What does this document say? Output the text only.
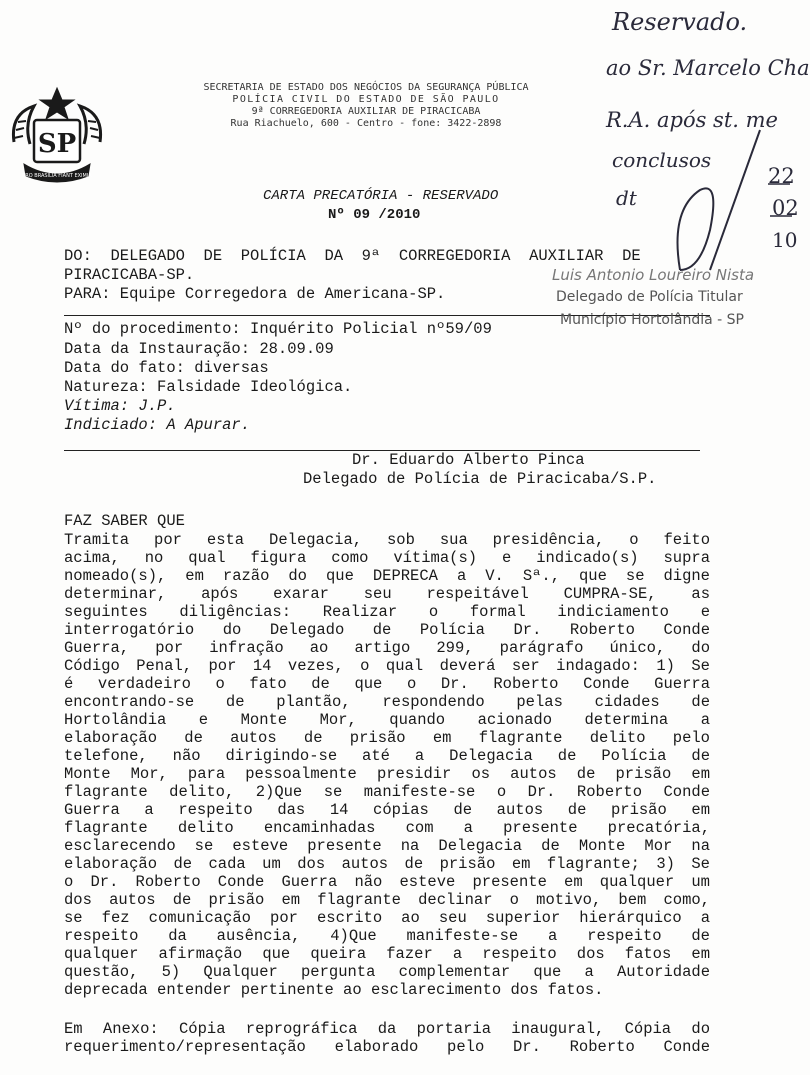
SP
PRO BRASILIA FIANT EXIMIA
SECRETARIA DE ESTADO DOS NEGÓCIOS DA SEGURANÇA PÚBLICA
POLÍCIA CIVIL DO ESTADO DE SÃO PAULO
9ª CORREGEDORIA AUXILIAR DE PIRACICABA
Rua Riachuelo, 600 - Centro - fone: 3422-2898
CARTA PRECATÓRIA - RESERVADO
Nº 09 /2010
DO:  DELEGADO  DE  POLÍCIA  DA  9ª  CORREGEDORIA  AUXILIAR  DE
PIRACICABA-SP.
PARA: Equipe Corregedora de Americana-SP.
Nº do procedimento: Inquérito Policial nº59/09
Data da Instauração: 28.09.09
Data do fato: diversas
Natureza: Falsidade Ideológica.
Vítima: J.P.
Indiciado: A Apurar.
Dr. Eduardo Alberto Pinca
Delegado de Polícia de Piracicaba/S.P.
FAZ SABER QUE
Tramita por esta Delegacia, sob sua presidência, o feito
acima, no qual figura como vítima(s) e indicado(s) supra
nomeado(s), em razão do que DEPRECA a V. Sª., que se digne
determinar, após exarar seu respeitável CUMPRA-SE, as
seguintes diligências: Realizar o formal indiciamento e
interrogatório do Delegado de Polícia Dr. Roberto Conde
Guerra, por infração ao artigo 299, parágrafo único, do
Código Penal, por 14 vezes, o qual deverá ser indagado: 1) Se
é verdadeiro o fato de que o Dr. Roberto Conde Guerra
encontrando-se de plantão, respondendo pelas cidades de
Hortolândia e Monte Mor, quando acionado determina a
elaboração de autos de prisão em flagrante delito pelo
telefone, não dirigindo-se até a Delegacia de Polícia de
Monte Mor, para pessoalmente presidir os autos de prisão em
flagrante delito, 2)Que se manifeste-se o Dr. Roberto Conde
Guerra a respeito das 14 cópias de autos de prisão em
flagrante delito encaminhadas com a presente precatória,
esclarecendo se esteve presente na Delegacia de Monte Mor na
elaboração de cada um dos autos de prisão em flagrante; 3) Se
o Dr. Roberto Conde Guerra não esteve presente em qualquer um
dos autos de prisão em flagrante declinar o motivo, bem como,
se fez comunicação por escrito ao seu superior hierárquico a
respeito da ausência, 4)Que manifeste-se a respeito de
qualquer afirmação que queira fazer a respeito dos fatos em
questão, 5) Qualquer pergunta complementar que a Autoridade
deprecada entender pertinente ao esclarecimento dos fatos.
Em Anexo: Cópia reprográfica da portaria inaugural, Cópia do
requerimento/representação elaborado pelo Dr. Roberto Conde
Luis Antonio Loureiro Nista
Delegado de Polícia Titular
Município Hortolândia - SP
Reservado.
ao Sr. Marcelo Cha
R.A. após st. me
conclusos
dt
22
02
10
